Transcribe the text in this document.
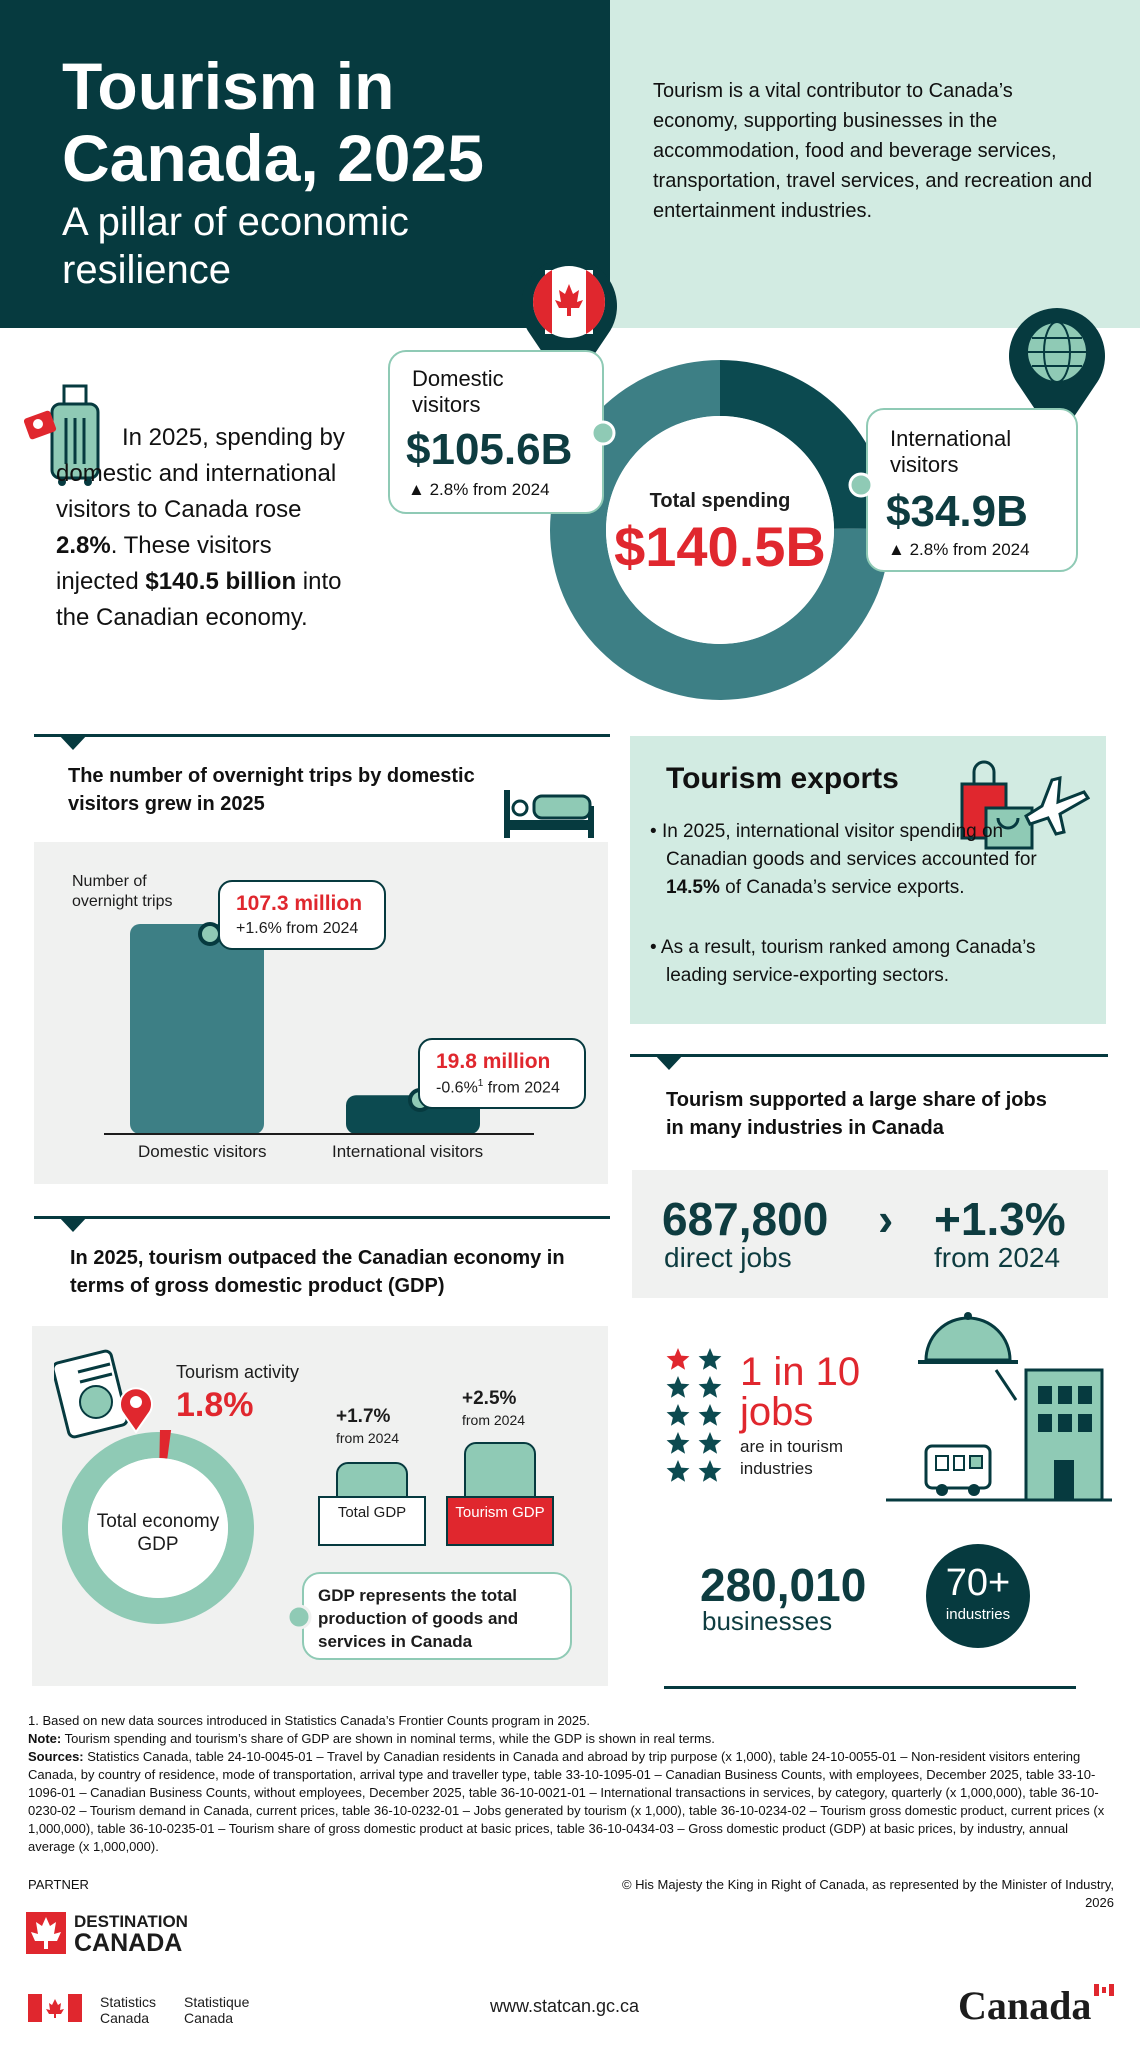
Tourism in
Canada, 2025
A pillar of economic resilience
Tourism is a vital contributor to Canada’s economy, supporting businesses in the accommodation, food and beverage services, transportation, travel services, and recreation and entertainment industries.
In 2025, spending by domestic and international visitors to Canada rose 2.8%. These visitors injected $140.5 billion into the Canadian economy.
Total spending
$140.5B
Domestic visitors
$105.6B
▲ 2.8% from 2024
International visitors
$34.9B
▲ 2.8% from 2024
The number of overnight trips by domestic visitors grew in 2025
Number of overnight trips
Domestic visitors	International visitors
107.3 million
+1.6% from 2024
19.8 million
-0.6%$^1$ from 2024
Tourism exports
• In 2025, international visitor spending on Canadian goods and services accounted for 14.5% of Canada’s service exports.
• As a result, tourism ranked among Canada’s leading service-exporting sectors.
Tourism supported a large share of jobs in many industries in Canada
687,800
direct jobs
› +1.3%
from 2024
1 in 10
jobs
are in tourism industries
280,010
businesses
70+
industries
In 2025, tourism outpaced the Canadian economy in terms of gross domestic product (GDP)
Tourism activity
1.8%
Total economy GDP
+1.7%
from 2024
Total GDP
+2.5%
from 2024
Tourism GDP
GDP represents the total production of goods and services in Canada
1. Based on new data sources introduced in Statistics Canada’s Frontier Counts program in 2025.
Note: Tourism spending and tourism’s share of GDP are shown in nominal terms, while the GDP is shown in real terms.
Sources: Statistics Canada, table 24-10-0045-01 – Travel by Canadian residents in Canada and abroad by trip purpose (x 1,000), table 24-10-0055-01 – Non-resident visitors entering Canada, by country of residence, mode of transportation, arrival type and traveller type, table 33-10-1095-01 – Canadian Business Counts, with employees, December 2025, table 33-10-1096-01 – Canadian Business Counts, without employees, December 2025, table 36-10-0021-01 – International transactions in services, by category, quarterly (x 1,000,000), table 36-10-0230-02 – Tourism demand in Canada, current prices, table 36-10-0232-01 – Jobs generated by tourism (x 1,000), table 36-10-0234-02 – Tourism gross domestic product, current prices (x 1,000,000), table 36-10-0235-01 – Tourism share of gross domestic product at basic prices, table 36-10-0434-03 – Gross domestic product (GDP) at basic prices, by industry, annual average (x 1,000,000).
PARTNER	© His Majesty the King in Right of Canada, as represented by the Minister of Industry, 2026
DESTINATION
CANADA
Statistics
Canada
Statistique
Canada
www.statcan.gc.ca	Canada
